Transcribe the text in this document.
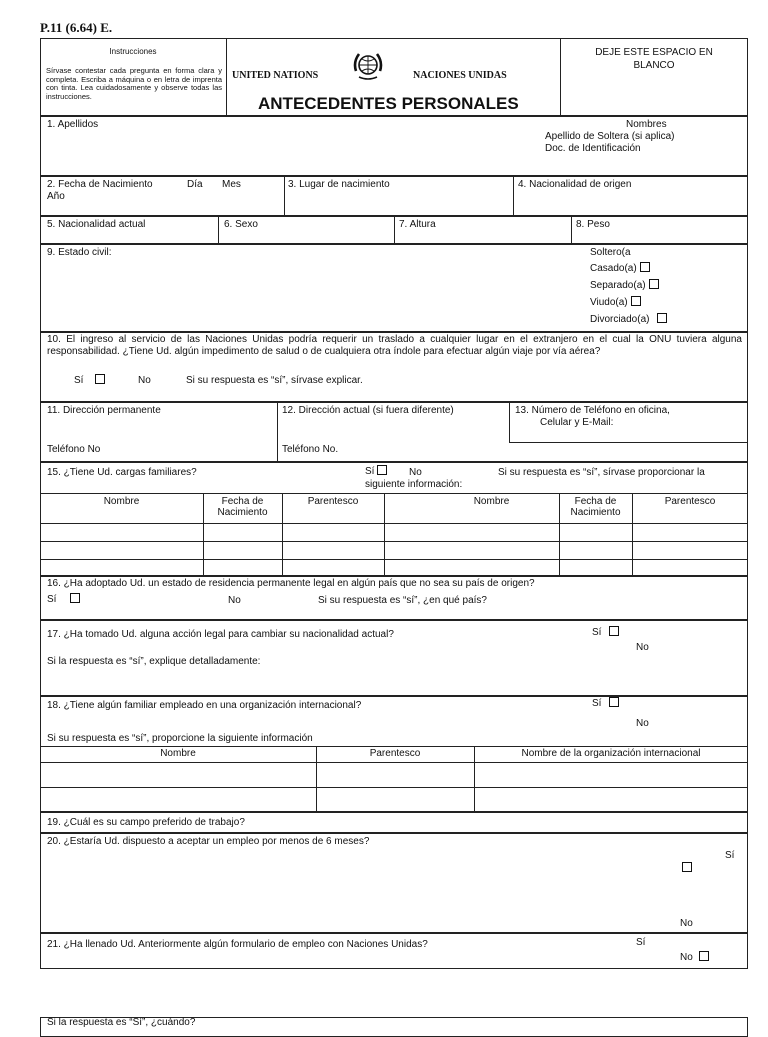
P.11 (6.64) E.
Instrucciones
Sírvase contestar cada pregunta en forma clara y completa. Escriba a máquina o en letra de imprenta con tinta. Lea cuidadosamente y observe todas las instrucciones.
UNITED NATIONS	NACIONES UNIDAS
ANTECEDENTES PERSONALES
DEJE ESTE ESPACIO EN
BLANCO
1. Apellidos	Nombres
Apellido de Soltera (si aplica)
Doc. de Identificación
2. Fecha de Nacimiento	Día Mes
Año
3. Lugar de nacimiento	4. Nacionalidad de origen
5. Nacionalidad actual	6. Sexo	7. Altura	8. Peso
9. Estado civil:	Soltero(a
Casado(a)
Separado(a)
Viudo(a)
Divorciado(a)
10. El ingreso al servicio de las Naciones Unidas podría requerir un traslado a cualquier lugar en el extranjero en el cual la ONU tuviera alguna responsabilidad. ¿Tiene Ud. algún impedimento de salud o de cualquiera otra índole para efectuar algún viaje por vía aérea?
Sí	No	Si su respuesta es “sí”, sírvase explicar.
11. Dirección permanente	12. Dirección actual (si fuera diferente)	13. Número de Teléfono en oficina,
Celular y E-Mail:
Teléfono No	Teléfono No.
15. ¿Tiene Ud. cargas familiares?	Sí	No	Si su respuesta es “sí”, sírvase proporcionar la
siguiente información:
Nombre	Fecha de
Nacimiento
Parentesco	Nombre	Fecha de
Nacimiento
Parentesco
16. ¿Ha adoptado Ud. un estado de residencia permanente legal en algún país que no sea su país de origen?
Sí	No	Si su respuesta es “sí”, ¿en qué país?
17. ¿Ha tomado Ud. alguna acción legal para cambiar su nacionalidad actual?	Sí
No
Si la respuesta es “sí”, explique detalladamente:
18. ¿Tiene algún familiar empleado en una organización internacional?	Sí
No
Si su respuesta es “sí”, proporcione la siguiente información
Nombre	Parentesco	Nombre de la organización internacional
19. ¿Cuál es su campo preferido de trabajo?
20. ¿Estaría Ud. dispuesto a aceptar un empleo por menos de 6 meses?
Sí
No
21. ¿Ha llenado Ud. Anteriormente algún formulario de empleo con Naciones Unidas?	Sí
No
Si la respuesta es “Sí”, ¿cuándo?
